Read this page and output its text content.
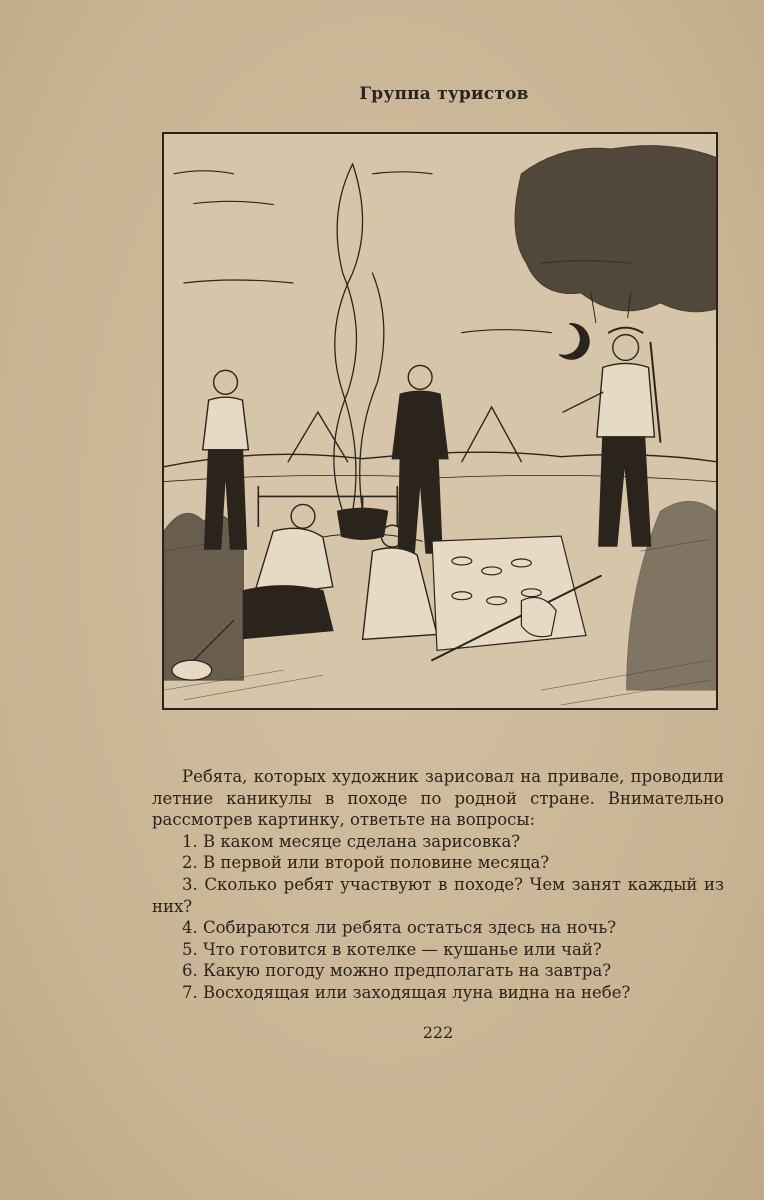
Группа туристов

Ребята, которых художник зарисовал на привале, проводили летние каникулы в походе по родной стране. Внимательно рассмотрев картинку, ответьте на вопросы:

1. В каком месяце сделана зарисовка?

2. В первой или второй половине месяца?

3. Сколько ребят участвуют в походе? Чем занят каждый из них?

4. Собираются ли ребята остаться здесь на ночь?

5. Что готовится в котелке — кушанье или чай?

6. Какую погоду можно предполагать на завтра?

7. Восходящая или заходящая луна видна на небе?

222
